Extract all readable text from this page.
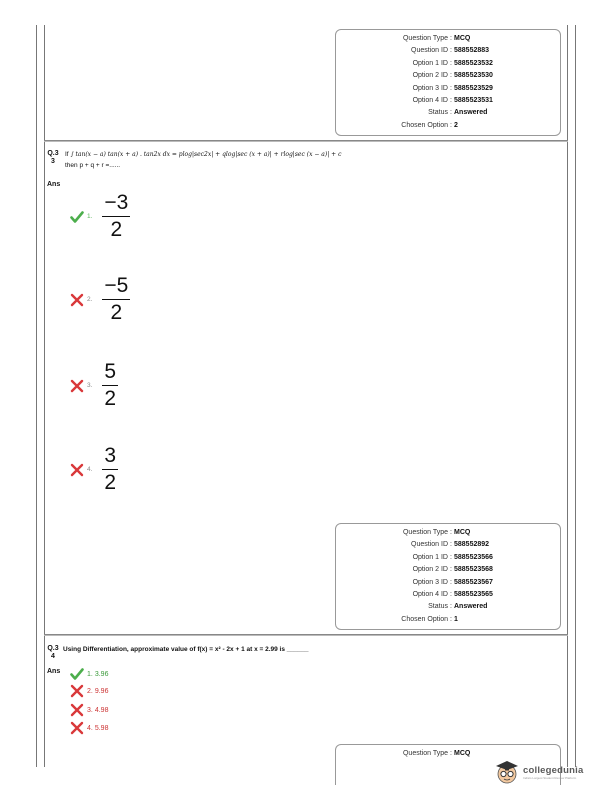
Question Type : MCQ
Question ID : 588552883
Option 1 ID : 5885523532
Option 2 ID : 5885523530
Option 3 ID : 5885523529
Option 4 ID : 5885523531
Status : Answered
Chosen Option : 2
Q.3
3
If ∫ tan(x − a) tan(x + a) . tan2x dx = plog|sec2x| + qlog|sec (x + a)| + rlog|sec (x − a)| + c
then p + q + r =......
Ans
1. $\frac{-3}{2}$
2. $\frac{-5}{2}$
3. $\frac{5}{2}$
4. $\frac{3}{2}$
Question Type : MCQ
Question ID : 588552892
Option 1 ID : 5885523566
Option 2 ID : 5885523568
Option 3 ID : 5885523567
Option 4 ID : 5885523565
Status : Answered
Chosen Option : 1
Q.3
4
Using Differentiation, approximate value of f(x) = x² - 2x + 1 at x = 2.99 is ______
Ans	1. 3.96
2. 9.96
3. 4.98
4. 5.98
Question Type : MCQ
collegedunia
India's Largest Student Review Platform
